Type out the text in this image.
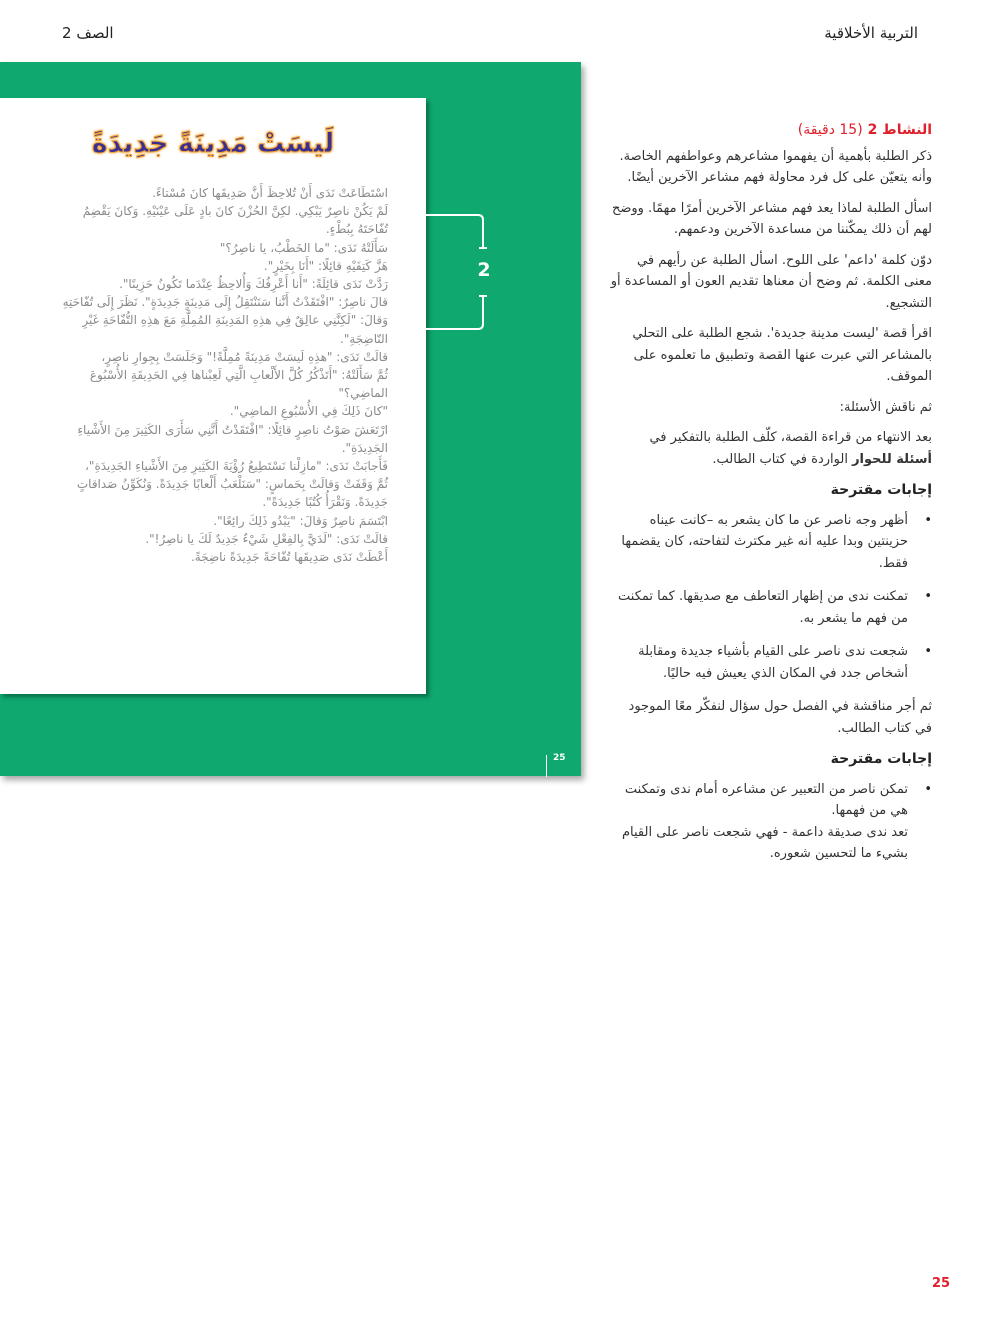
التربية الأخلاقية
الصف 2
لَيسَتْ مَدِينَةً جَدِيدَةً

اسْتَطَاعَتْ نَدَى أَنْ تُلاحِظَ أَنَّ صَدِيقَها كانَ مُسْتاءً.

لَمْ يَكُنْ ناصِرٌ يَبْكِي. لكِنَّ الحُزْنَ كانَ بادٍ عَلَى عَيْنَيْهِ. وَكانَ يَقْضِمُ

تُفّاحَتَهُ بِبُطْءٍ.

سَأَلَتْهُ نَدَى: "ما الخَطْبُ، يا ناصِرُ؟"

هَزَّ كَتِفَيْهِ قائِلًا: "أَنَا بِخَيْرٍ".

رَدَّتْ نَدَى قائِلَةً: "أَنا أَعْرِفُكَ وَأُلاحِظُ عِنْدَما تَكُونُ حَزِينًا".

قالَ ناصِرٌ: "افْتَقَدْتُ أَنَّنا سَنَنْتَقِلُ إِلَى مَدِينَةٍ جَدِيدَةٍ". نَظَرَ إِلَى تُفّاحَتِهِ

وَقالَ: "لَكِنَّنِي عالِقٌ فِي هذِهِ المَدِينَةِ المُمِلَّةِ مَعَ هذِهِ التُّفّاحَةِ غَيْرِ

النّاضِجَةِ".

قالَتْ نَدَى: "هذِهِ لَيسَتْ مَدِينَةً مُمِلَّةً!" وَجَلَسَتْ بِجِوارِ ناصِرٍ،

ثُمَّ سَأَلَتْهُ: "أَتَذْكُرُ كُلَّ الأَلْعابِ الَّتِي لَعِبْناها فِي الحَدِيقَةِ الأُسْبُوعَ

الماضِي؟"

"كانَ ذَلِكَ فِي الأُسْبُوعِ الماضِي".

ارْتَعَشَ صَوْتُ ناصِرٍ قائِلًا: "افْتَقَدْتُ أَنَّنِي سَأَرَى الكَثِيرَ مِنَ الأَشْياءِ

الجَدِيدَةِ".

فَأَجابَتْ نَدَى: "مازِلْنا نَسْتَطِيعُ رُؤْيَةَ الكَثِيرِ مِنَ الأَشْياءِ الجَدِيدَةِ"،

ثُمَّ وَقَفَتْ وَقالَتْ بِحَماسٍ: "سَنَلْعَبُ أَلْعابًا جَدِيدَةً. وَنُكَوِّنُ صَداقاتٍ

جَدِيدَةً. وَنَقْرَأُ كُتُبًا جَدِيدَةً".

ابْتَسَمَ ناصِرٌ وَقالَ: "يَبْدُو ذَلِكَ رائِعًا".

قالَتْ نَدَى: "لَدَيَّ بِالفِعْلِ شَيْءٌ جَدِيدٌ لَكَ يا ناصِرُ!".

أَعْطَتْ نَدَى صَدِيقَها تُفّاحَةً جَدِيدَةً ناضِجَةً.

2
25
النشاط 2 (15 دقيقة)
ذكر الطلبة بأهمية أن يفهموا مشاعرهم وعواطفهم الخاصة. وأنه يتعيّن على كل فرد محاولة فهم مشاعر الآخرين أيضًا.
اسأل الطلبة لماذا يعد فهم مشاعر الآخرين أمرًا مهمًا. ووضح لهم أن ذلك يمكّننا من مساعدة الآخرين ودعمهم.
دوّن كلمة 'داعم' على اللوح. اسأل الطلبة عن رأيهم في معنى الكلمة. ثم وضح أن معناها تقديم العون أو المساعدة أو التشجيع.
اقرأ قصة 'ليست مدينة جديدة'. شجع الطلبة على التحلي بالمشاعر التي عبرت عنها القصة وتطبيق ما تعلموه على الموقف.
ثم ناقش الأسئلة:
بعد الانتهاء من قراءة القصة، كلّف الطلبة بالتفكير في أسئلة للحوار الواردة في كتاب الطالب.
إجابات مقترحة
• أظهر وجه ناصر عن ما كان يشعر به –كانت عيناه حزينتين وبدا عليه أنه غير مكترث لتفاحته، كان يقضمها فقط.
• تمكنت ندى من إظهار التعاطف مع صديقها. كما تمكنت من فهم ما يشعر به.
• شجعت ندى ناصر على القيام بأشياء جديدة ومقابلة أشخاص جدد في المكان الذي يعيش فيه حاليًا.
ثم أجر مناقشة في الفصل حول سؤال لنفكّر معًا الموجود في كتاب الطالب.
إجابات مقترحة
• تمكن ناصر من التعبير عن مشاعره أمام ندى وتمكنت هي من فهمها.
تعد ندى صديقة داعمة - فهي شجعت ناصر على القيام بشيء ما لتحسين شعوره.
25
